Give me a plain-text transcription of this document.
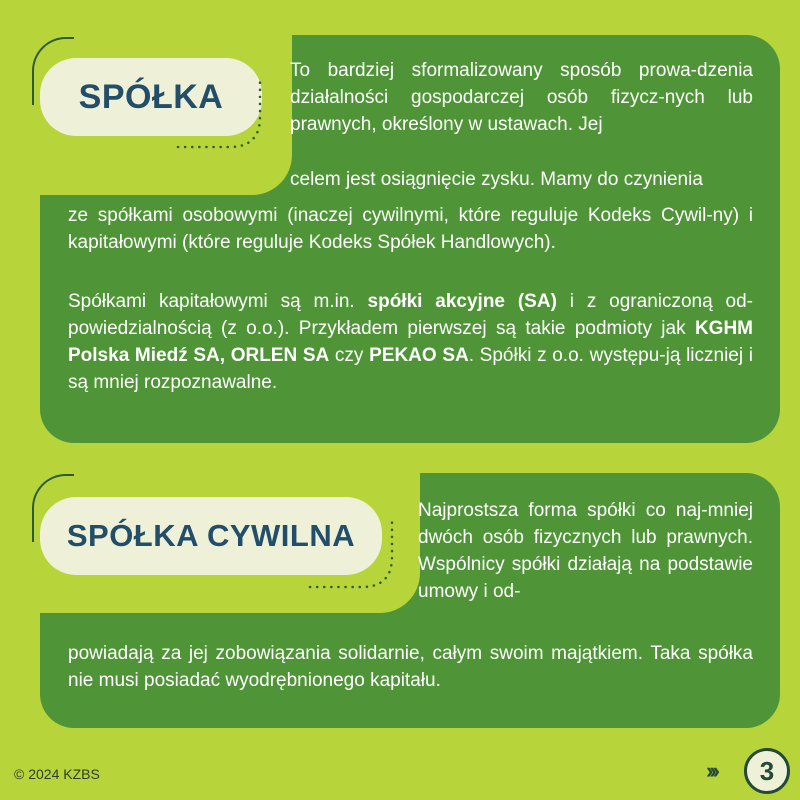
SPÓŁKA

To bardziej sformalizowany sposób prowa-dzenia działalności gospodarczej osób fizycz-nych lub prawnych, określony w ustawach. Jej

celem jest osiągnięcie zysku. Mamy do czynienia

ze spółkami osobowymi (inaczej cywilnymi, które reguluje Kodeks Cywil-ny) i kapitałowymi (które reguluje Kodeks Spółek Handlowych).

Spółkami kapitałowymi są m.in. spółki akcyjne (SA) i z ograniczoną od-powiedzialnością (z o.o.). Przykładem pierwszej są takie podmioty jak KGHM Polska Miedź SA, ORLEN SA czy PEKAO SA. Spółki z o.o. występu-ją liczniej i są mniej rozpoznawalne.

SPÓŁKA CYWILNA

Najprostsza forma spółki co naj-mniej dwóch osób fizycznych lub prawnych. Wspólnicy spółki działają na podstawie umowy i od-

powiadają za jej zobowiązania solidarnie, całym swoim majątkiem. Taka spółka nie musi posiadać wyodrębnionego kapitału.

© 2024 KZBS	›››	3
